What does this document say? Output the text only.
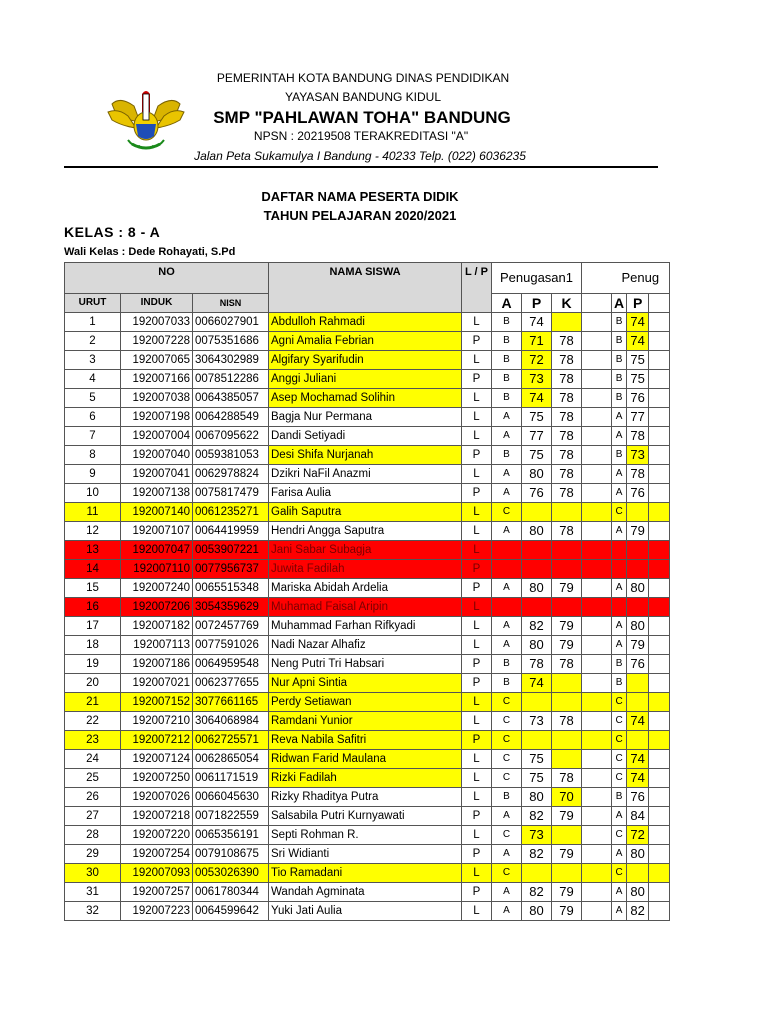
PEMERINTAH KOTA BANDUNG DINAS PENDIDIKAN
YAYASAN BANDUNG KIDUL
SMP "PAHLAWAN TOHA" BANDUNG
NPSN : 20219508 TERAKREDITASI "A"
Jalan Peta Sukamulya I Bandung - 40233 Telp. (022) 6036235
DAFTAR NAMA PESERTA DIDIK
TAHUN PELAJARAN 2020/2021
KELAS : 8 - A
Wali Kelas : Dede Rohayati, S.Pd
NO			NAMA SISWA	L / P	Penugasan1				Penug		
URUT	INDUK	NISN			A	P	K		A	P	
1	192007033	0066027901	Abdulloh Rahmadi	L	B	74			B	74	
2	192007228	0075351686	Agni Amalia Febrian	P	B	71	78		B	74	
3	192007065	3064302989	Algifary Syarifudin	L	B	72	78		B	75	
4	192007166	0078512286	Anggi Juliani	P	B	73	78		B	75	
5	192007038	0064385057	Asep Mochamad Solihin	L	B	74	78		B	76	
6	192007198	0064288549	Bagja Nur Permana	L	A	75	78		A	77	
7	192007004	0067095622	Dandi Setiyadi	L	A	77	78		A	78	
8	192007040	0059381053	Desi Shifa Nurjanah	P	B	75	78		B	73	
9	192007041	0062978824	Dzikri NaFil Anazmi	L	A	80	78		A	78	
10	192007138	0075817479	Farisa Aulia	P	A	76	78		A	76	
11	192007140	0061235271	Galih Saputra	L	C				C		
12	192007107	0064419959	Hendri Angga Saputra	L	A	80	78		A	79	
13	192007047	0053907221	Jani Sabar Subagja	L							
14	192007110	0077956737	Juwita Fadilah	P							
15	192007240	0065515348	Mariska Abidah Ardelia	P	A	80	79		A	80	
16	192007206	3054359629	Muhamad Faisal Aripin	L							
17	192007182	0072457769	Muhammad Farhan Rifkyadi	L	A	82	79		A	80	
18	192007113	0077591026	Nadi Nazar Alhafiz	L	A	80	79		A	79	
19	192007186	0064959548	Neng Putri Tri Habsari	P	B	78	78		B	76	
20	192007021	0062377655	Nur Apni Sintia	P	B	74			B		
21	192007152	3077661165	Perdy Setiawan	L	C				C		
22	192007210	3064068984	Ramdani Yunior	L	C	73	78		C	74	
23	192007212	0062725571	Reva Nabila Safitri	P	C				C		
24	192007124	0062865054	Ridwan Farid Maulana	L	C	75			C	74	
25	192007250	0061171519	Rizki Fadilah	L	C	75	78		C	74	
26	192007026	0066045630	Rizky Rhaditya Putra	L	B	80	70		B	76	
27	192007218	0071822559	Salsabila Putri Kurnyawati	P	A	82	79		A	84	
28	192007220	0065356191	Septi Rohman R.	L	C	73			C	72	
29	192007254	0079108675	Sri Widianti	P	A	82	79		A	80	
30	192007093	0053026390	Tio Ramadani	L	C				C		
31	192007257	0061780344	Wandah Agminata	P	A	82	79		A	80	
32	192007223	0064599642	Yuki Jati Aulia	L	A	80	79		A	82	
